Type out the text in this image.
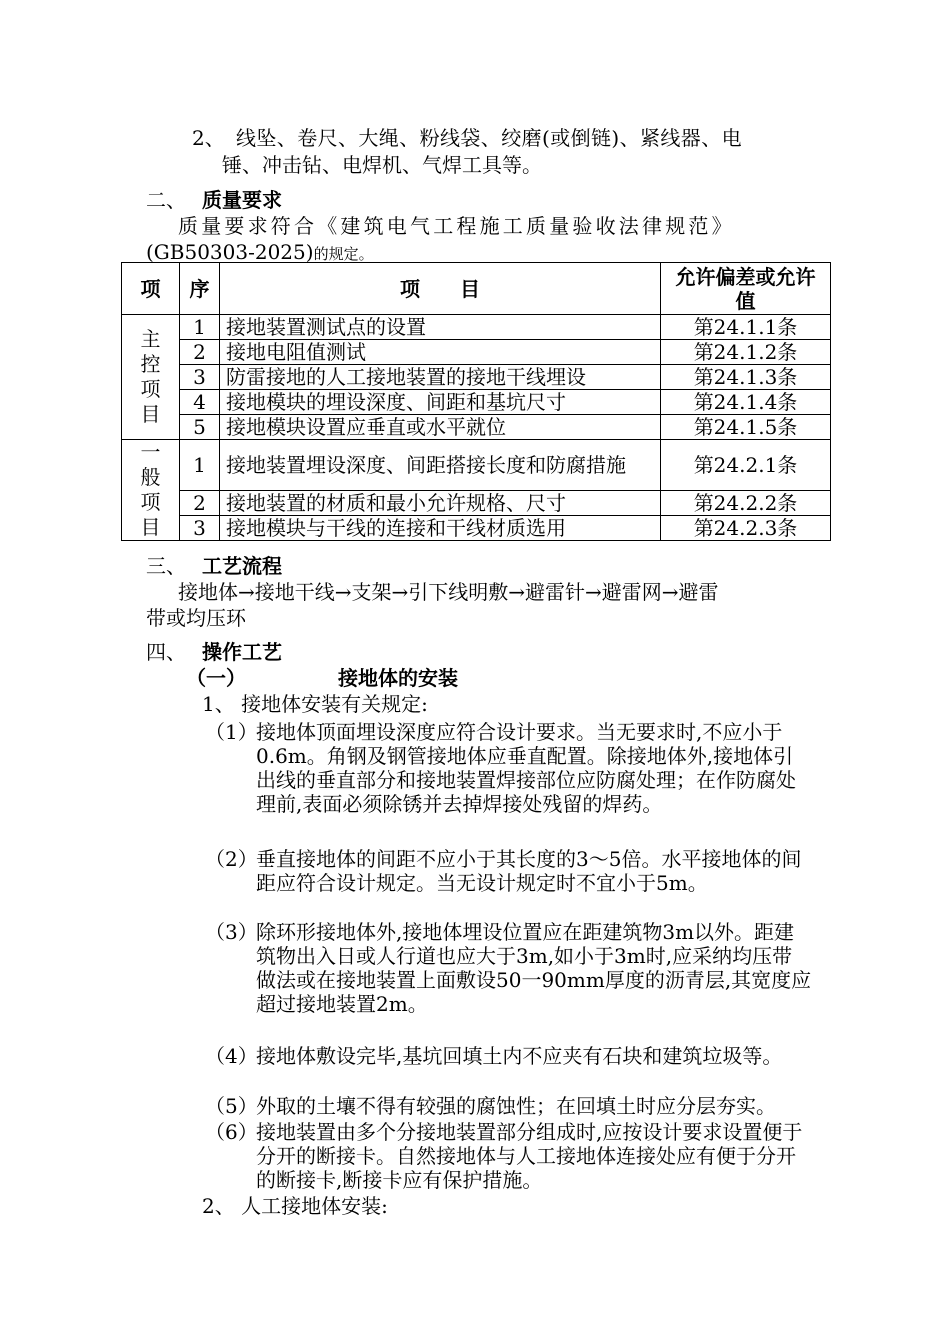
2、 线坠、卷尺、大绳、粉线袋、绞磨(或倒链)、紧线器、电
锤、冲击钻、电焊机、气焊工具等。
二、 质量要求
质量要求符合《建筑电气工程施工质量验收法律规范》
(GB50303-2025)的规定。
项	序	项　　目	允许偏差或允许值

主
控
项
目	1	接地装置测试点的设置	第24.1.1条
	2	接地电阻值测试	第24.1.2条
	3	防雷接地的人工接地装置的接地干线埋设	第24.1.3条
	4	接地模块的埋设深度、间距和基坑尺寸	第24.1.4条
	5	接地模块设置应垂直或水平就位	第24.1.5条

一
般
项
目	1	接地装置埋设深度、间距搭接长度和防腐措施	第24.2.1条
	2	接地装置的材质和最小允许规格、尺寸	第24.2.2条
	3	接地模块与干线的连接和干线材质选用	第24.2.3条
三、 工艺流程
接地体→接地干线→支架→引下线明敷→避雷针→避雷网→避雷
带或均压环
四、 操作工艺
（一）	接地体的安装
1、 接地体安装有关规定:
（1）
接地体顶面埋设深度应符合设计要求。当无要求时,不应小于0.6m。角钢及钢管接地体应垂直配置。除接地体外,接地体引出线的垂直部分和接地装置焊接部位应防腐处理；在作防腐处理前,表面必须除锈并去掉焊接处残留的焊药。
（2）
垂直接地体的间距不应小于其长度的3～5倍。水平接地体的间距应符合设计规定。当无设计规定时不宜小于5m。
（3）
除环形接地体外,接地体埋设位置应在距建筑物3m以外。距建筑物出入日或人行道也应大于3m,如小于3m时,应采纳均压带做法或在接地装置上面敷设50一90mm厚度的沥青层,其宽度应超过接地装置2m。
（4）
接地体敷设完毕,基坑回填土内不应夹有石块和建筑垃圾等。
（5）
外取的土壤不得有较强的腐蚀性；在回填土时应分层夯实。
（6）
接地装置由多个分接地装置部分组成时,应按设计要求设置便于分开的断接卡。自然接地体与人工接地体连接处应有便于分开的断接卡,断接卡应有保护措施。
2、 人工接地体安装:
